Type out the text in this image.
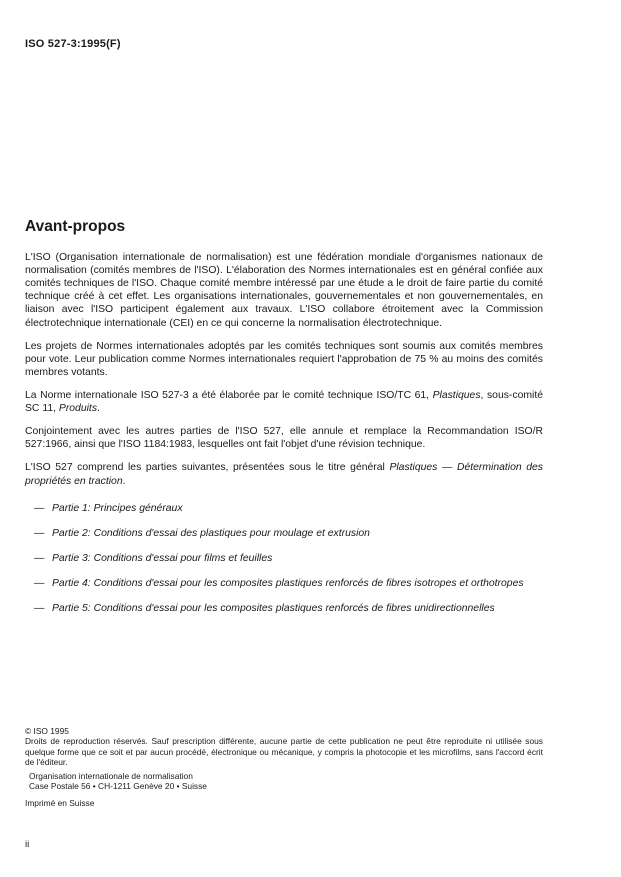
ISO 527-3:1995(F)
Avant-propos

L'ISO (Organisation internationale de normalisation) est une fédération mondiale d'organismes nationaux de normalisation (comités membres de l'ISO). L'élaboration des Normes internationales est en général confiée aux comités techniques de l'ISO. Chaque comité membre intéressé par une étude a le droit de faire partie du comité technique créé à cet effet. Les organisations internationales, gouvernementales et non gouvernementales, en liaison avec l'ISO participent également aux travaux. L'ISO collabore étroitement avec la Commission électrotechnique internationale (CEI) en ce qui concerne la normalisation électrotechnique.

Les projets de Normes internationales adoptés par les comités techniques sont soumis aux comités membres pour vote. Leur publication comme Normes internationales requiert l'approbation de 75 % au moins des comités membres votants.

La Norme internationale ISO 527-3 a été élaborée par le comité technique ISO/TC 61, Plastiques, sous-comité SC 11, Produits.

Conjointement avec les autres parties de l'ISO 527, elle annule et remplace la Recommandation ISO/R 527:1966, ainsi que l'ISO 1184:1983, lesquelles ont fait l'objet d'une révision technique.

L'ISO 527 comprend les parties suivantes, présentées sous le titre général Plastiques — Détermination des propriétés en traction.

— Partie 1: Principes généraux
— Partie 2: Conditions d'essai des plastiques pour moulage et extrusion
— Partie 3: Conditions d'essai pour films et feuilles
— Partie 4: Conditions d'essai pour les composites plastiques renforcés de fibres isotropes et orthotropes
— Partie 5: Conditions d'essai pour les composites plastiques renforcés de fibres unidirectionnelles
© ISO 1995
Droits de reproduction réservés. Sauf prescription différente, aucune partie de cette publication ne peut être reproduite ni utilisée sous quelque forme que ce soit et par aucun procédé, électronique ou mécanique, y compris la photocopie et les microfilms, sans l'accord écrit de l'éditeur.
Organisation internationale de normalisation
Case Postale 56 • CH-1211 Genève 20 • Suisse
Imprimé en Suisse
ii
